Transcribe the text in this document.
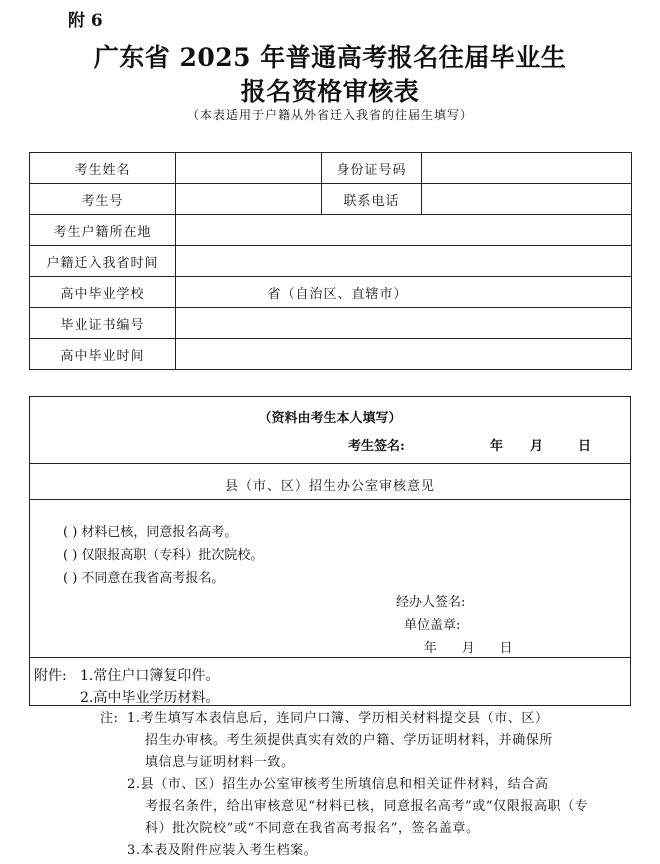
附 6
广东省 2025 年普通高考报名往届毕业生
报名资格审核表
（本表适用于户籍从外省迁入我省的往届生填写）
考生姓名		身份证号码	
考生号		联系电话	
考生户籍所在地			
户籍迁入我省时间			
高中毕业学校	省（自治区、直辖市）		
毕业证书编号			
高中毕业时间			
（资料由考生本人填写）
考生签名:	年 月	日
县（市、区）招生办公室审核意见
( ) 材料已核，同意报名高考。
( ) 仅限报高职（专科）批次院校。
( ) 不同意在我省高考报名。
经办人签名:
单位盖章:
年      月      日
附件: 1.常住户口簿复印件。
2.高中毕业学历材料。
注: 1.考生填写本表信息后，连同户口簿、学历相关材料提交县（市、区）
招生办审核。考生须提供真实有效的户籍、学历证明材料，并确保所
填信息与证明材料一致。
2.县（市、区）招生办公室审核考生所填信息和相关证件材料，结合高
考报名条件，给出审核意见“材料已核，同意报名高考”或“仅限报高职（专
科）批次院校”或“不同意在我省高考报名”，签名盖章。
3.本表及附件应装入考生档案。
